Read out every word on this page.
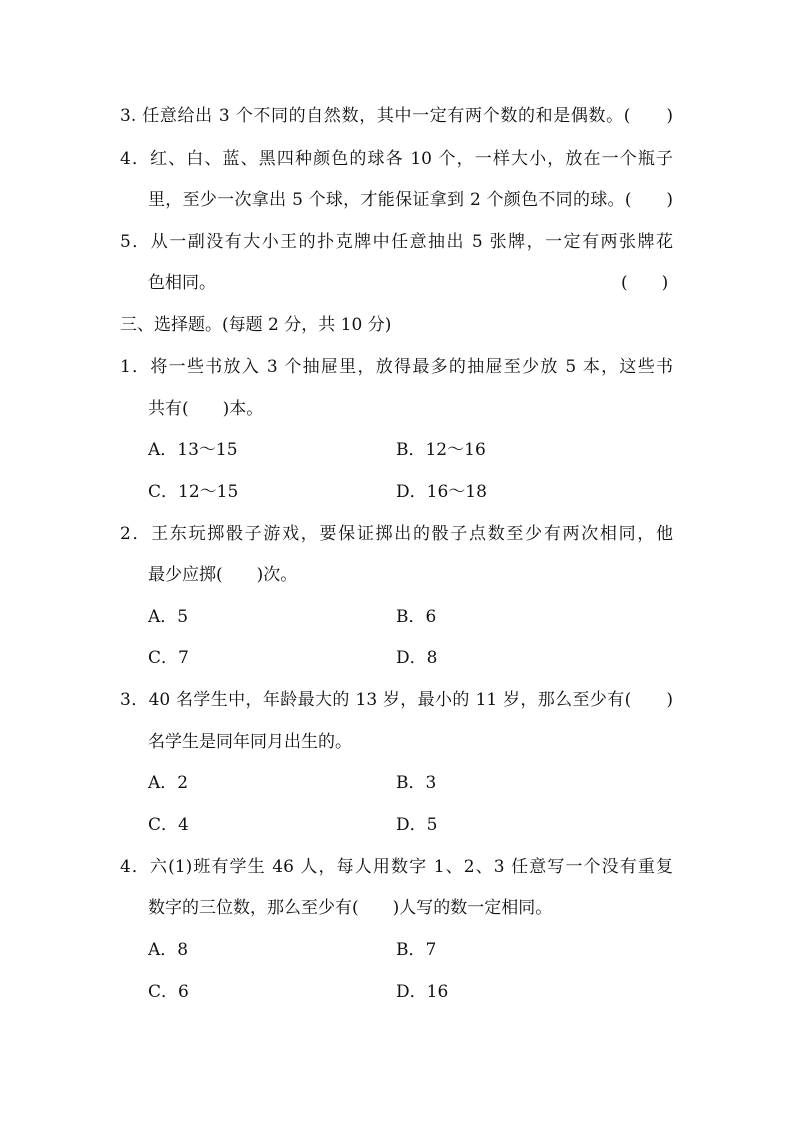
3. 任意给出 3 个不同的自然数，其中一定有两个数的和是偶数。(　　)
4．红、白、蓝、黑四种颜色的球各 10 个，一样大小，放在一个瓶子
里，至少一次拿出 5 个球，才能保证拿到 2 个颜色不同的球。(　　)
5．从一副没有大小王的扑克牌中任意抽出 5 张牌，一定有两张牌花
色相同。	(　　)
三、选择题。(每题 2 分，共 10 分)
1．将一些书放入 3 个抽屉里，放得最多的抽屉至少放 5 本，这些书
共有(　　)本。
A．13～15	B．12～16
C．12～15	D．16～18
2．王东玩掷骰子游戏，要保证掷出的骰子点数至少有两次相同，他
最少应掷(　　)次。
A．5	B．6
C．7	D．8
3．40 名学生中，年龄最大的 13 岁，最小的 11 岁，那么至少有(　　)
名学生是同年同月出生的。
A．2	B．3
C．4	D．5
4．六(1)班有学生 46 人，每人用数字 1、2、3 任意写一个没有重复
数字的三位数，那么至少有(　　)人写的数一定相同。
A．8	B．7
C．6	D．16
